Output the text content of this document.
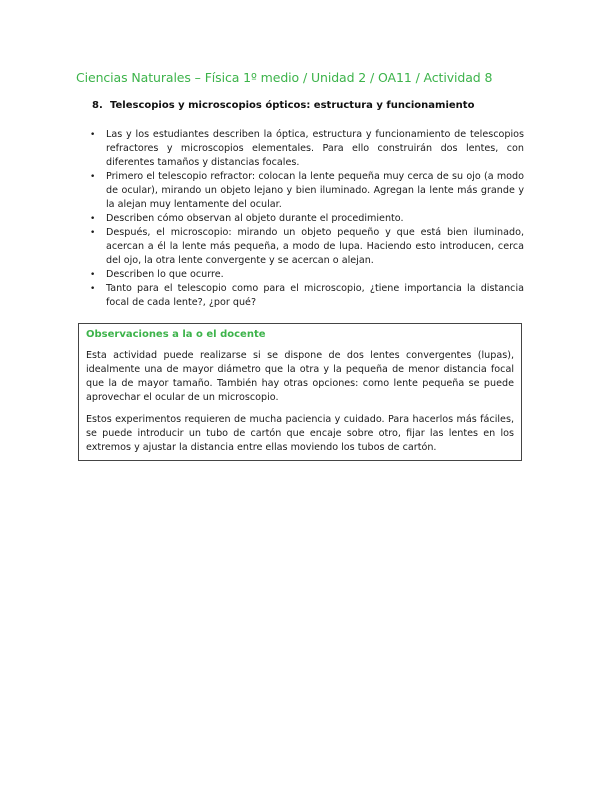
Ciencias Naturales – Física 1º medio / Unidad 2 / OA11 / Actividad 8
8. Telescopios y microscopios ópticos: estructura y funcionamiento
•	Las y los estudiantes describen la óptica, estructura y funcionamiento de telescopios refractores y microscopios elementales. Para ello construirán dos lentes, con diferentes tamaños y distancias focales.
•	Primero el telescopio refractor: colocan la lente pequeña muy cerca de su ojo (a modo de ocular), mirando un objeto lejano y bien iluminado. Agregan la lente más grande y la alejan muy lentamente del ocular.
•	Describen cómo observan al objeto durante el procedimiento.
•	Después, el microscopio: mirando un objeto pequeño y que está bien iluminado, acercan a él la lente más pequeña, a modo de lupa. Haciendo esto introducen, cerca del ojo, la otra lente convergente y se acercan o alejan.
•	Describen lo que ocurre.
•	Tanto para el telescopio como para el microscopio, ¿tiene importancia la distancia focal de cada lente?, ¿por qué?
Observaciones a la o el docente

Esta actividad puede realizarse si se dispone de dos lentes convergentes (lupas), idealmente una de mayor diámetro que la otra y la pequeña de menor distancia focal que la de mayor tamaño. También hay otras opciones: como lente pequeña se puede aprovechar el ocular de un microscopio.

Estos experimentos requieren de mucha paciencia y cuidado. Para hacerlos más fáciles, se puede introducir un tubo de cartón que encaje sobre otro, fijar las lentes en los extremos y ajustar la distancia entre ellas moviendo los tubos de cartón.
